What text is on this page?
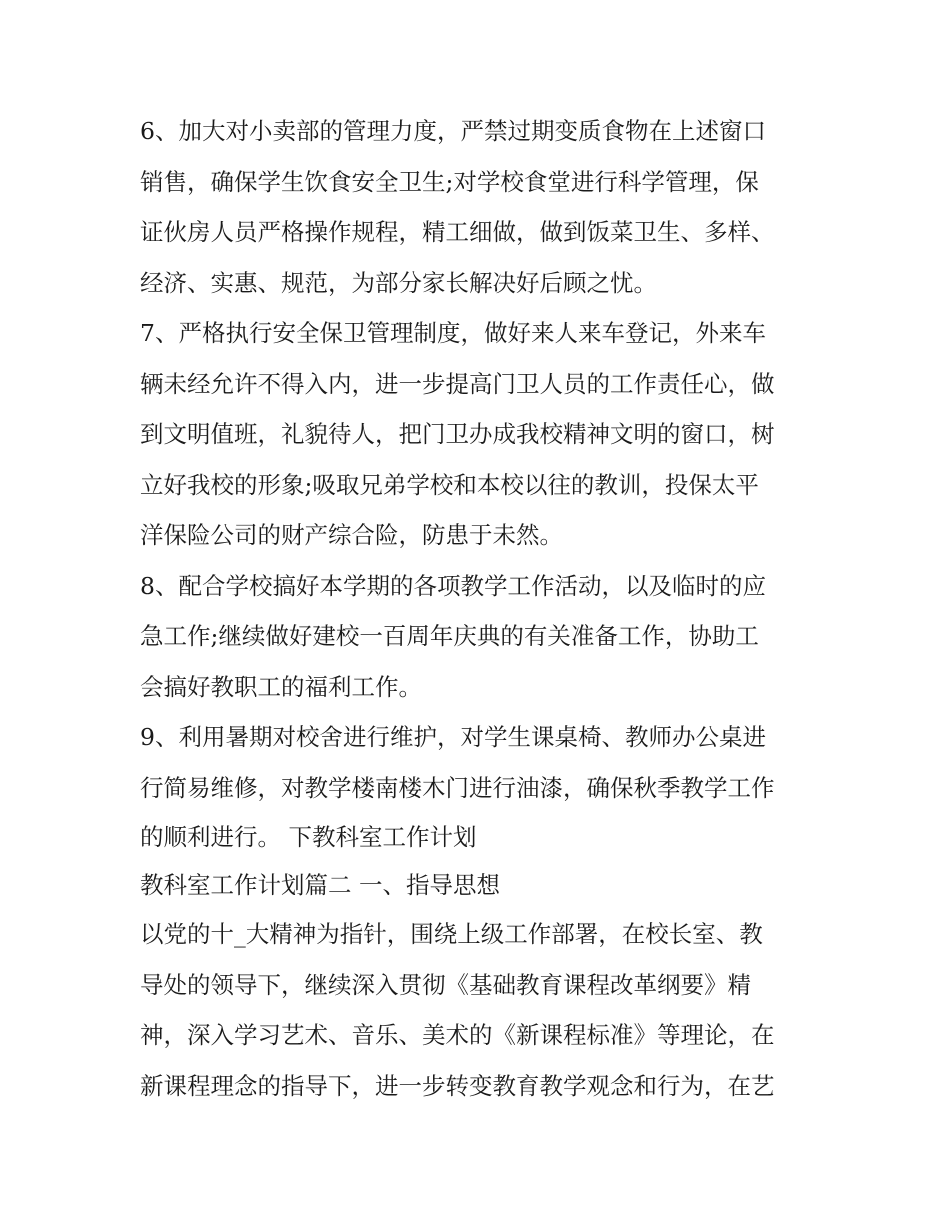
6、加大对小卖部的管理力度，严禁过期变质食物在上述窗口
销售，确保学生饮食安全卫生;对学校食堂进行科学管理，保
证伙房人员严格操作规程，精工细做，做到饭菜卫生、多样、
经济、实惠、规范，为部分家长解决好后顾之忧。
7、严格执行安全保卫管理制度，做好来人来车登记，外来车
辆未经允许不得入内，进一步提高门卫人员的工作责任心，做
到文明值班，礼貌待人，把门卫办成我校精神文明的窗口，树
立好我校的形象;吸取兄弟学校和本校以往的教训，投保太平
洋保险公司的财产综合险，防患于未然。
8、配合学校搞好本学期的各项教学工作活动，以及临时的应
急工作;继续做好建校一百周年庆典的有关准备工作，协助工
会搞好教职工的福利工作。
9、利用暑期对校舍进行维护，对学生课桌椅、教师办公桌进
行简易维修，对教学楼南楼木门进行油漆，确保秋季教学工作
的顺利进行。 下教科室工作计划
教科室工作计划篇二 一、指导思想
以党的十_大精神为指针，围绕上级工作部署，在校长室、教
导处的领导下，继续深入贯彻《基础教育课程改革纲要》精
神，深入学习艺术、音乐、美术的《新课程标准》等理论，在
新课程理念的指导下，进一步转变教育教学观念和行为，在艺
